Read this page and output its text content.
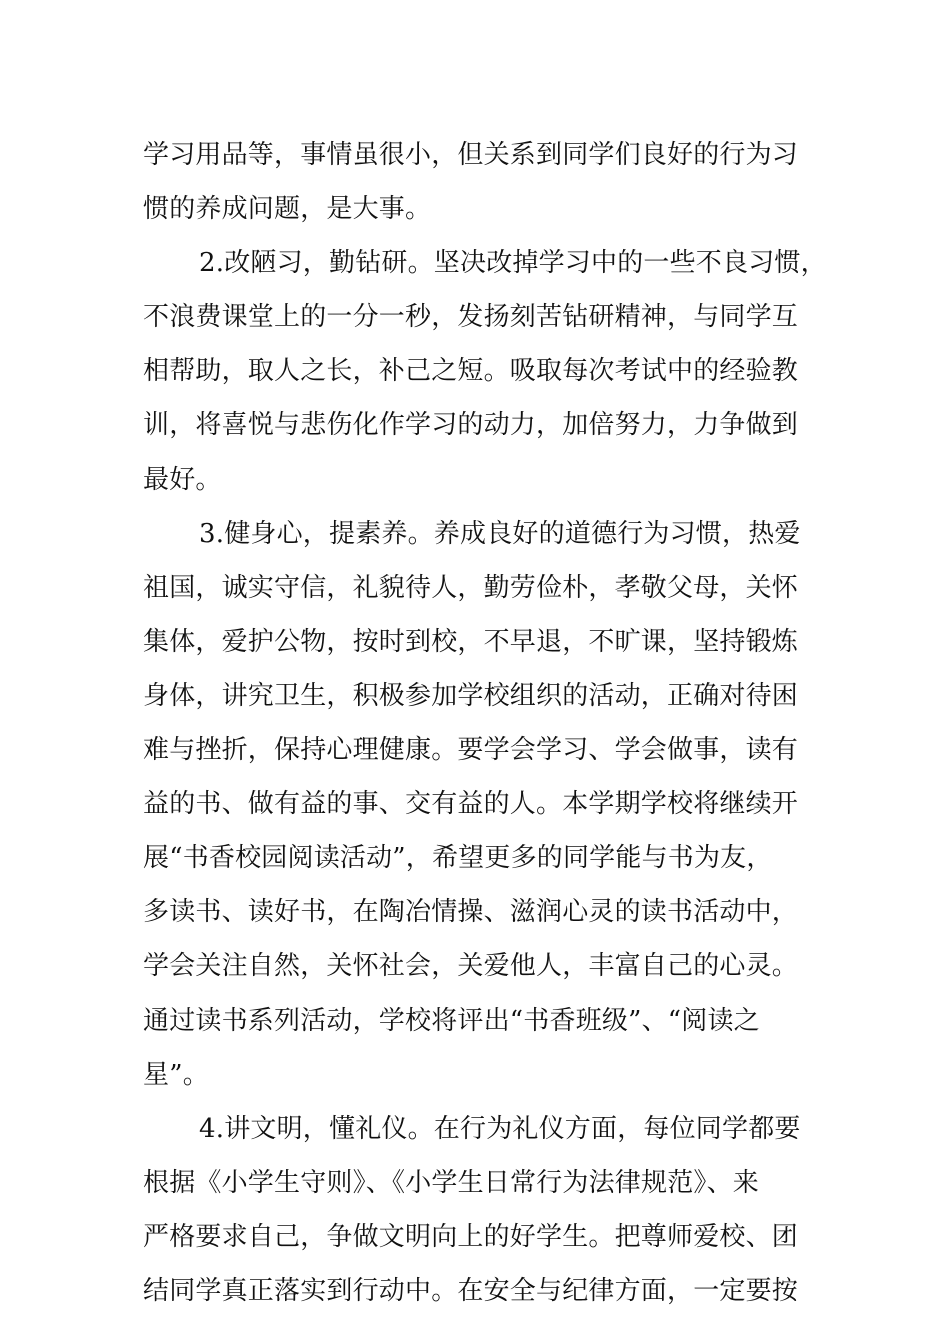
学习用品等，事情虽很小，但关系到同学们良好的行为习
惯的养成问题，是大事。
2.改陋习，勤钻研。坚决改掉学习中的一些不良习惯，
不浪费课堂上的一分一秒，发扬刻苦钻研精神，与同学互
相帮助，取人之长，补己之短。吸取每次考试中的经验教
训，将喜悦与悲伤化作学习的动力，加倍努力，力争做到
最好。
3.健身心，提素养。养成良好的道德行为习惯，热爱
祖国，诚实守信，礼貌待人，勤劳俭朴，孝敬父母，关怀
集体，爱护公物，按时到校，不早退，不旷课，坚持锻炼
身体，讲究卫生，积极参加学校组织的活动，正确对待困
难与挫折，保持心理健康。要学会学习、学会做事，读有
益的书、做有益的事、交有益的人。本学期学校将继续开
展“书香校园阅读活动”，希望更多的同学能与书为友，
多读书、读好书，在陶冶情操、滋润心灵的读书活动中，
学会关注自然，关怀社会，关爱他人，丰富自己的心灵。
通过读书系列活动，学校将评出“书香班级”、“阅读之
星”。
4.讲文明，懂礼仪。在行为礼仪方面，每位同学都要
根据《小学生守则》、《小学生日常行为法律规范》、来
严格要求自己，争做文明向上的好学生。把尊师爱校、团
结同学真正落实到行动中。在安全与纪律方面，一定要按
